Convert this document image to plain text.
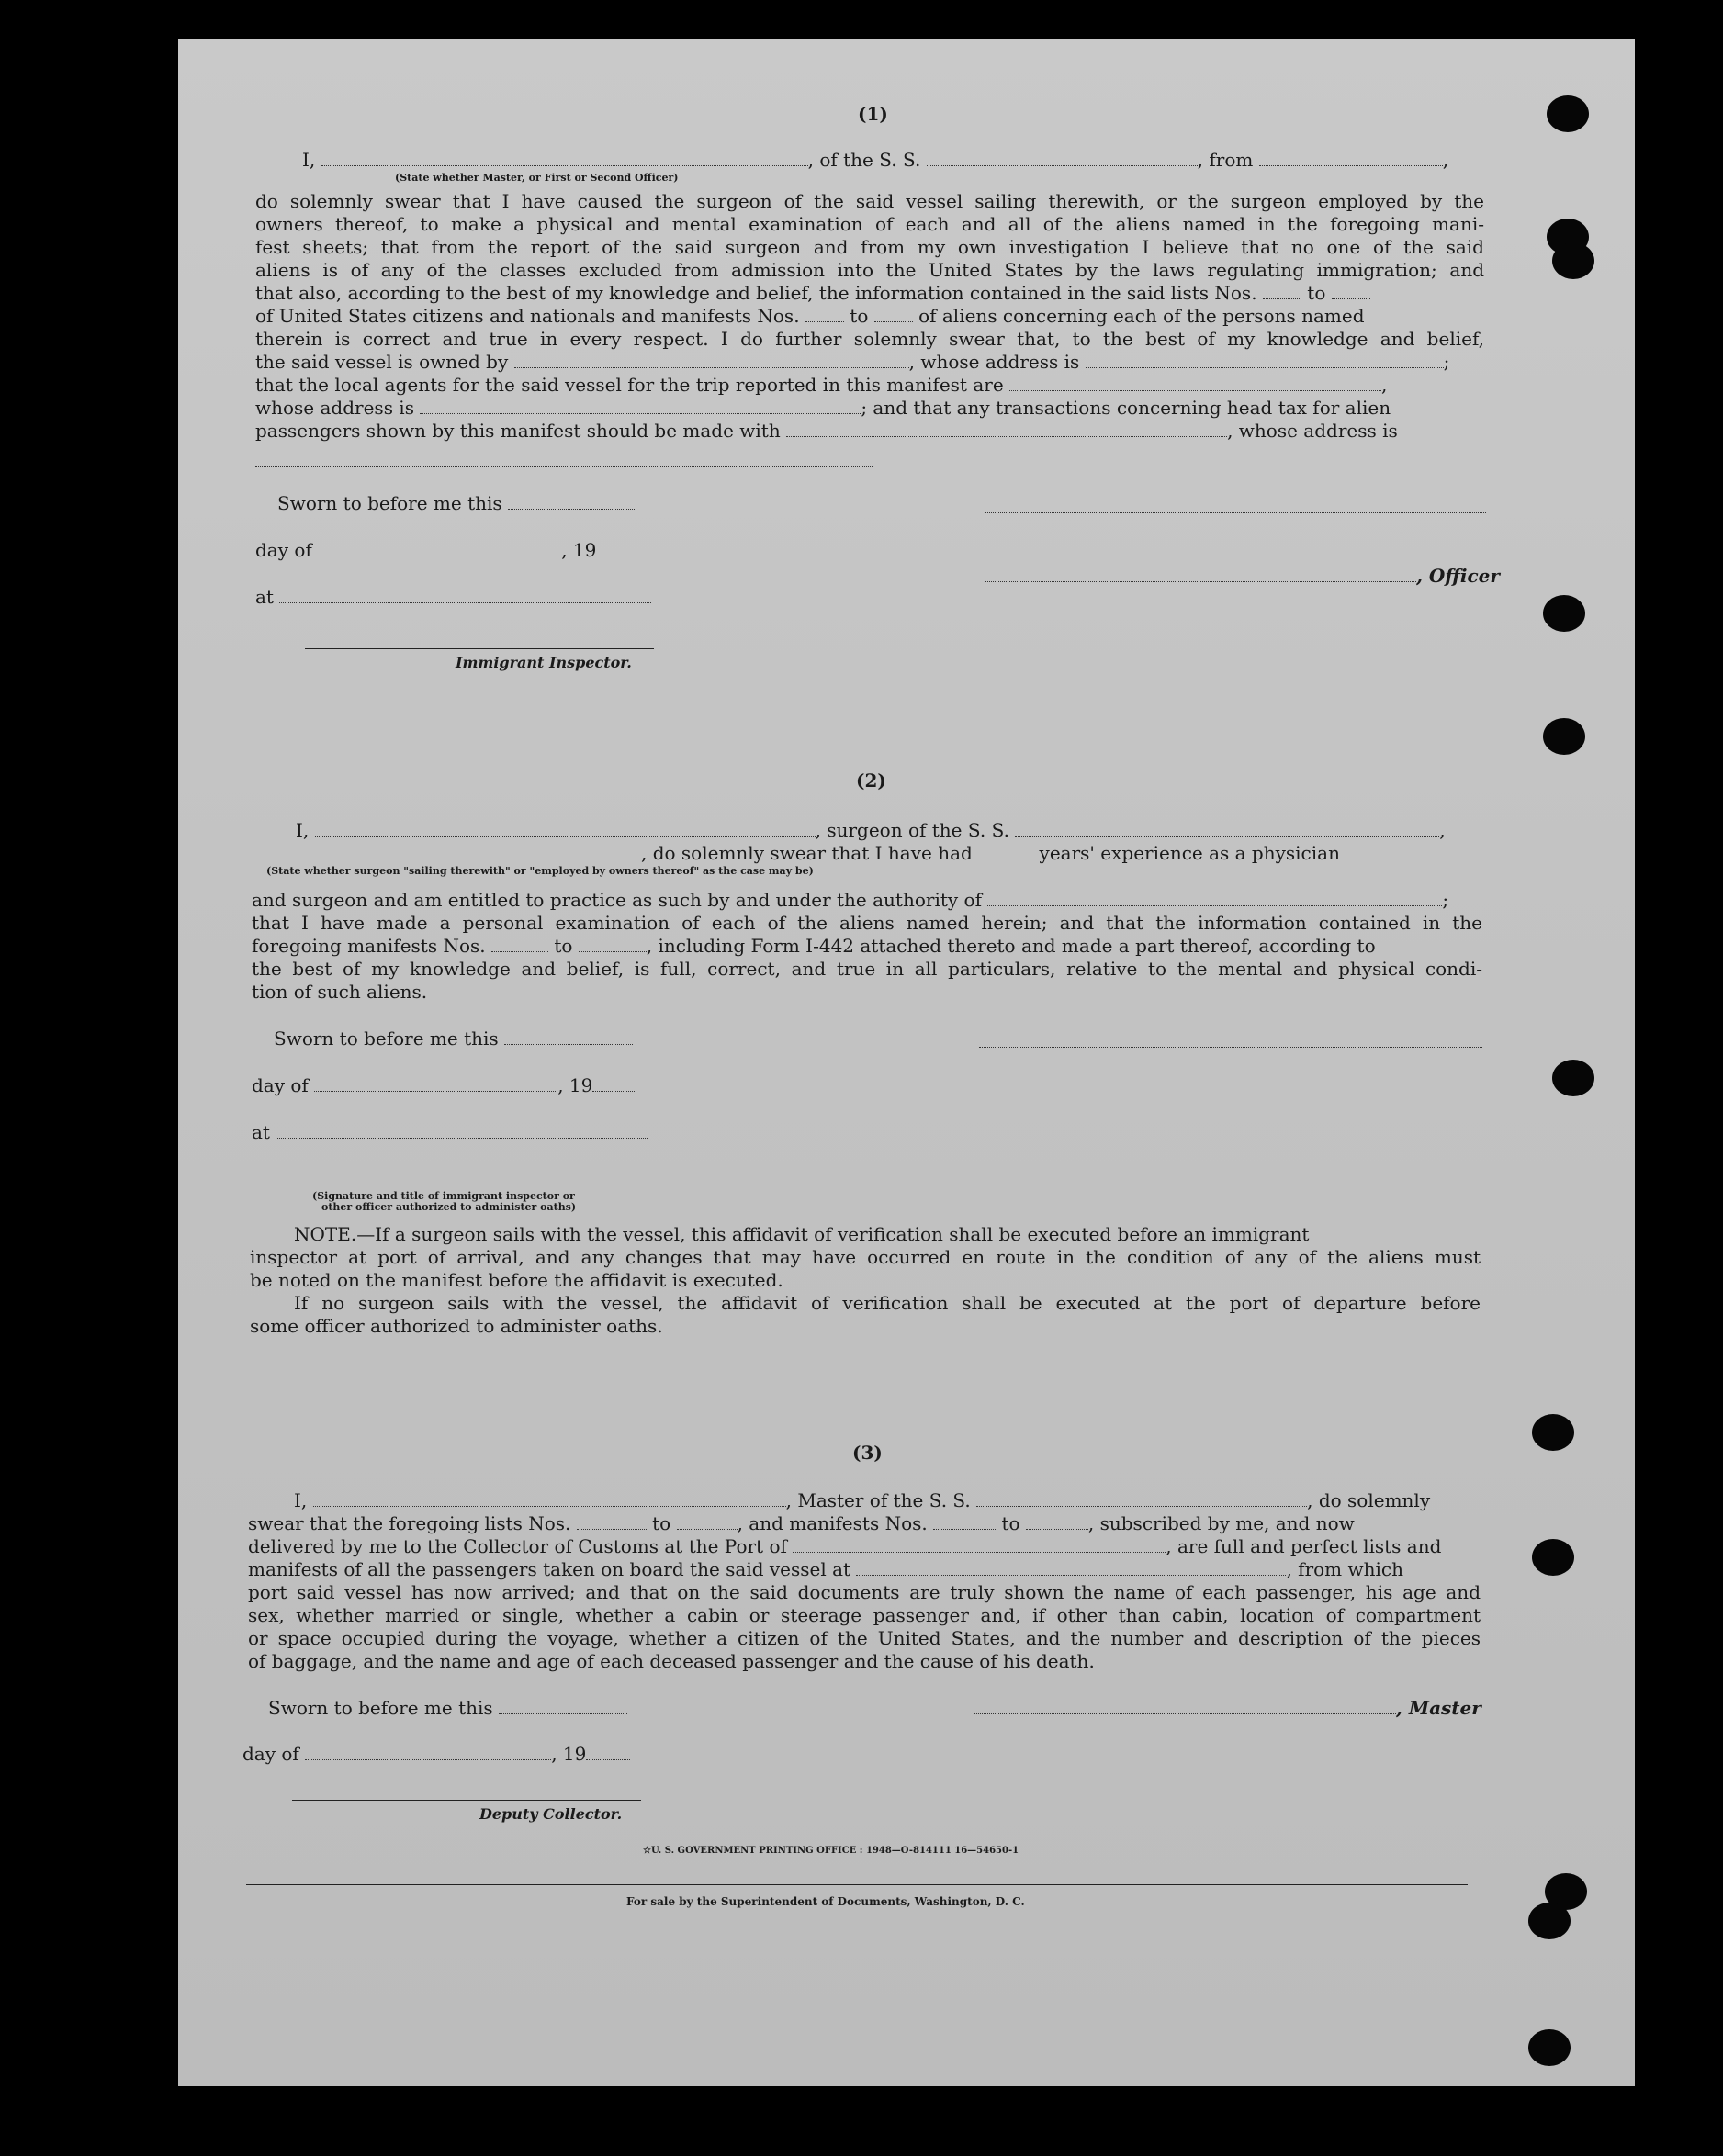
(1)
I,	, of the S. S.	, from	,
(State whether Master, or First or Second Officer)
do solemnly swear that I have caused the surgeon of the said vessel sailing therewith, or the surgeon employed by the
owners thereof, to make a physical and mental examination of each and all of the aliens named in the foregoing mani-
fest sheets; that from the report of the said surgeon and from my own investigation I believe that no one of the said
aliens is of any of the classes excluded from admission into the United States by the laws regulating immigration; and
that also, according to the best of my knowledge and belief, the information contained in the said lists Nos.	to
of United States citizens and nationals and manifests Nos.	to	of aliens concerning each of the persons named
therein is correct and true in every respect. I do further solemnly swear that, to the best of my knowledge and belief,
the said vessel is owned by	, whose address is	;
that the local agents for the said vessel for the trip reported in this manifest are	,
whose address is	; and that any transactions concerning head tax for alien
passengers shown by this manifest should be made with	, whose address is
Sworn to before me this
day of	, 19
, Officer
at
Immigrant Inspector.
(2)
I,	, surgeon of the S. S.	,
, do solemnly swear that I have had	years' experience as a physician
(State whether surgeon "sailing therewith" or "employed by owners thereof" as the case may be)
and surgeon and am entitled to practice as such by and under the authority of	;
that I have made a personal examination of each of the aliens named herein; and that the information contained in the
foregoing manifests Nos.	to	, including Form I-442 attached thereto and made a part thereof, according to
the best of my knowledge and belief, is full, correct, and true in all particulars, relative to the mental and physical condi-
tion of such aliens.
Sworn to before me this
day of	, 19
at
(Signature and title of immigrant inspector or
other officer authorized to administer oaths)
NOTE.—If a surgeon sails with the vessel, this affidavit of verification shall be executed before an immigrant
inspector at port of arrival, and any changes that may have occurred en route in the condition of any of the aliens must
be noted on the manifest before the affidavit is executed.
If no surgeon sails with the vessel, the affidavit of verification shall be executed at the port of departure before
some officer authorized to administer oaths.
(3)
I,	, Master of the S. S.	, do solemnly
swear that the foregoing lists Nos.	to	, and manifests Nos.	to	, subscribed by me, and now
delivered by me to the Collector of Customs at the Port of	, are full and perfect lists and
manifests of all the passengers taken on board the said vessel at	, from which
port said vessel has now arrived; and that on the said documents are truly shown the name of each passenger, his age and
sex, whether married or single, whether a cabin or steerage passenger and, if other than cabin, location of compartment
or space occupied during the voyage, whether a citizen of the United States, and the number and description of the pieces
of baggage, and the name and age of each deceased passenger and the cause of his death.
Sworn to before me this	, Master
day of	, 19
Deputy Collector.
☆U. S. GOVERNMENT PRINTING OFFICE : 1948—O-814111 16—54650-1
For sale by the Superintendent of Documents, Washington, D. C.
